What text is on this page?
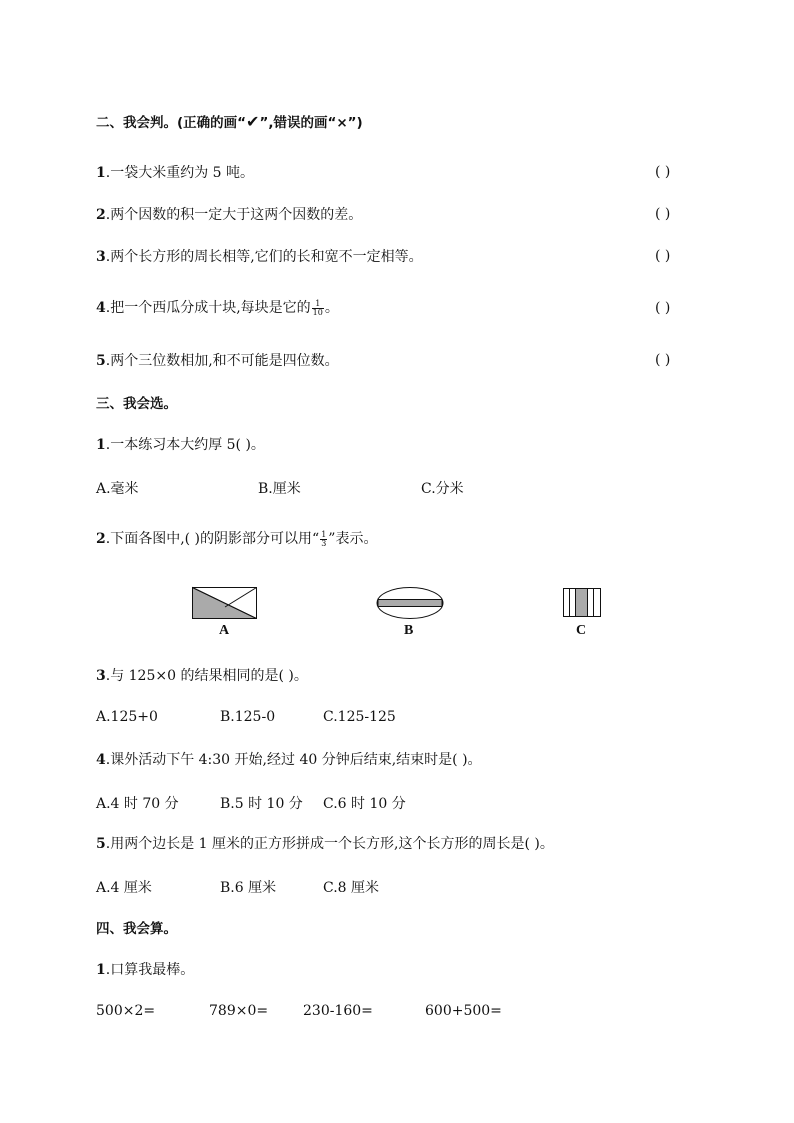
二、我会判。(正确的画“✔”,错误的画“×”)
1.一袋大米重约为 5 吨。	( )
2.两个因数的积一定大于这两个因数的差。	( )
3.两个长方形的周长相等,它们的长和宽不一定相等。	( )
4.把一个西瓜分成十块,每块是它的 $\frac{1}{10}$ 。	( )
5.两个三位数相加,和不可能是四位数。	( )
三、我会选。
1.一本练习本大约厚 5( )。
A.毫米	B.厘米	C.分米
2.下面各图中,( )的阴影部分可以用“ $\frac{1}{3}$ ”表示。
A	B	C
3.与 125×0 的结果相同的是( )。
A.125+0	B.125-0	C.125-125
4.课外活动下午 4:30 开始,经过 40 分钟后结束,结束时是( )。
A.4 时 70 分	B.5 时 10 分 C.6 时 10 分
5.用两个边长是 1 厘米的正方形拼成一个长方形,这个长方形的周长是( )。
A.4 厘米	B.6 厘米	C.8 厘米
四、我会算。
1.口算我最棒。
500×2=	789×0= 230-160=	600+500=
